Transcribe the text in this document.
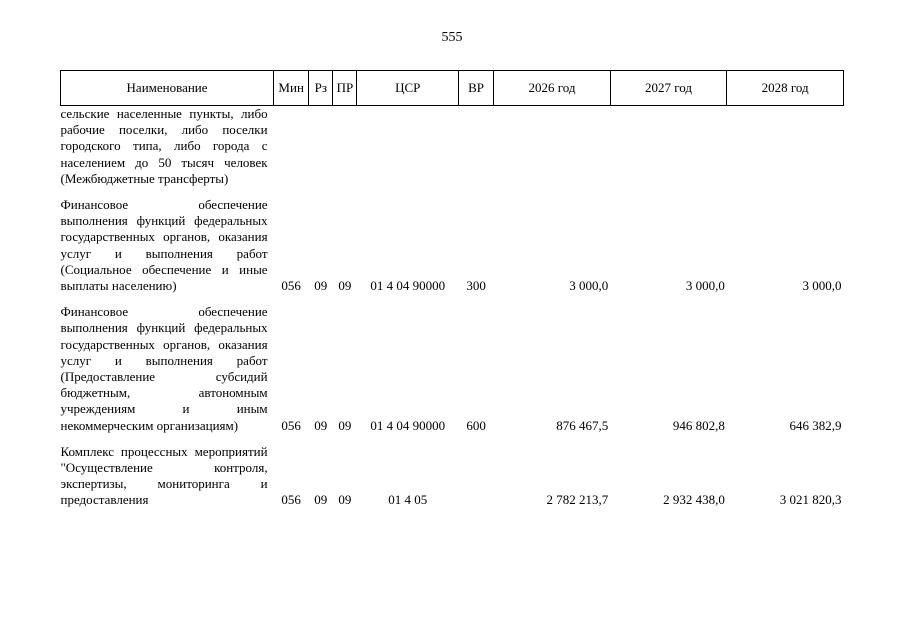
555
Наименование	Мин	Рз	ПР	ЦСР	ВР	2026 год	2027 год	2028 год
сельские населенные пункты, либо рабочие поселки, либо поселки городского типа, либо города с населением до 50 тысяч человек (Межбюджетные трансферты)								
Финансовое обеспечение выполнения функций федеральных государственных органов, оказания услуг и выполнения работ (Социальное обеспечение и иные выплаты населению)	056	09	09	01 4 04 90000	300	3 000,0	3 000,0	3 000,0
Финансовое обеспечение выполнения функций федеральных государственных органов, оказания услуг и выполнения работ (Предоставление субсидий бюджетным, автономным учреждениям и иным некоммерческим организациям)	056	09	09	01 4 04 90000	600	876 467,5	946 802,8	646 382,9
Комплекс процессных мероприятий "Осуществление контроля, экспертизы, мониторинга и предоставления	056	09	09	01 4 05		2 782 213,7	2 932 438,0	3 021 820,3
